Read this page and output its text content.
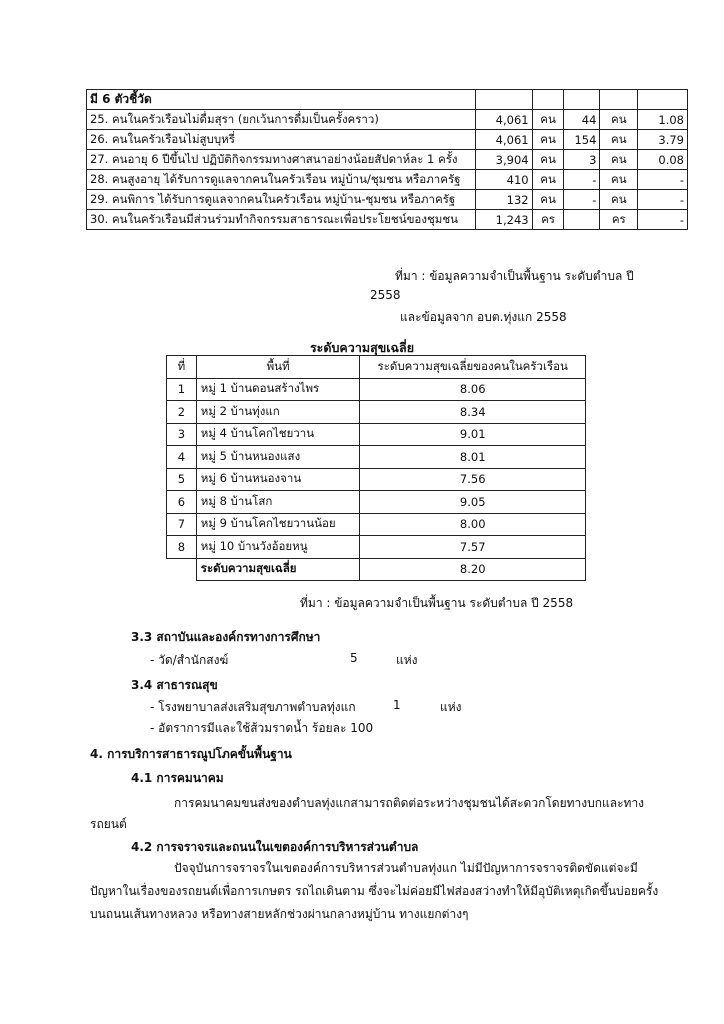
มี 6 ตัวชี้วัด					
25. คนในครัวเรือนไม่ดื่มสุรา (ยกเว้นการดื่มเป็นครั้งคราว)	4,061	คน	44	คน	1.08
26. คนในครัวเรือนไม่สูบบุหรี่	4,061	คน	154	คน	3.79
27. คนอายุ 6 ปีขึ้นไป ปฏิบัติกิจกรรมทางศาสนาอย่างน้อยสัปดาห์ละ 1 ครั้ง	3,904	คน	3	คน	0.08
28. คนสูงอายุ ได้รับการดูแลจากคนในครัวเรือน หมู่บ้าน/ชุมชน หรือภาครัฐ	410	คน	-	คน	-
29. คนพิการ ได้รับการดูแลจากคนในครัวเรือน หมู่บ้าน-ชุมชน หรือภาครัฐ	132	คน	-	คน	-
30. คนในครัวเรือนมีส่วนร่วมทำกิจกรรมสาธารณะเพื่อประโยชน์ของชุมชน	1,243	คร		คร	-
ที่มา : ข้อมูลความจำเป็นพื้นฐาน ระดับตำบล ปี
2558
และข้อมูลจาก อบต.ทุ่งแก 2558
ระดับความสุขเฉลี่ย
ที่	พื้นที่	ระดับความสุขเฉลี่ยของคนในครัวเรือน
1	หมู่ 1 บ้านดอนสร้างไพร	8.06
2	หมู่ 2 บ้านทุ่งแก	8.34
3	หมู่ 4 บ้านโคกไชยวาน	9.01
4	หมู่ 5 บ้านหนองแสง	8.01
5	หมู่ 6 บ้านหนองจาน	7.56
6	หมู่ 8 บ้านโสก	9.05
7	หมู่ 9 บ้านโคกไชยวานน้อย	8.00
8	หมู่ 10 บ้านวังอ้อยหนู	7.57
	ระดับความสุขเฉลี่ย	8.20
ที่มา : ข้อมูลความจำเป็นพื้นฐาน ระดับตำบล ปี 2558
3.3 สถาบันและองค์กรทางการศึกษา
- วัด/สำนักสงฆ์	5	แห่ง
3.4 สาธารณสุข
- โรงพยาบาลส่งเสริมสุขภาพตำบลทุ่งแก	1	แห่ง
- อัตราการมีและใช้ส้วมราดน้ำ ร้อยละ 100
4. การบริการสาธารณูปโภคขั้นพื้นฐาน
4.1 การคมนาคม
การคมนาคมขนส่งของตำบลทุ่งแกสามารถติดต่อระหว่างชุมชนได้สะดวกโดยทางบกและทาง
รถยนต์
4.2 การจราจรและถนนในเขตองค์การบริหารส่วนตำบล
ปัจจุบันการจราจรในเขตองค์การบริหารส่วนตำบลทุ่งแก ไม่มีปัญหาการจราจรติดขัดแต่จะมี
ปัญหาในเรื่องของรถยนต์เพื่อการเกษตร รถไถเดินตาม ซึ่งจะไม่ค่อยมีไฟส่องสว่างทำให้มีอุบัติเหตุเกิดขึ้นบ่อยครั้ง
บนถนนเส้นทางหลวง หรือทางสายหลักช่วงผ่านกลางหมู่บ้าน ทางแยกต่างๆ
